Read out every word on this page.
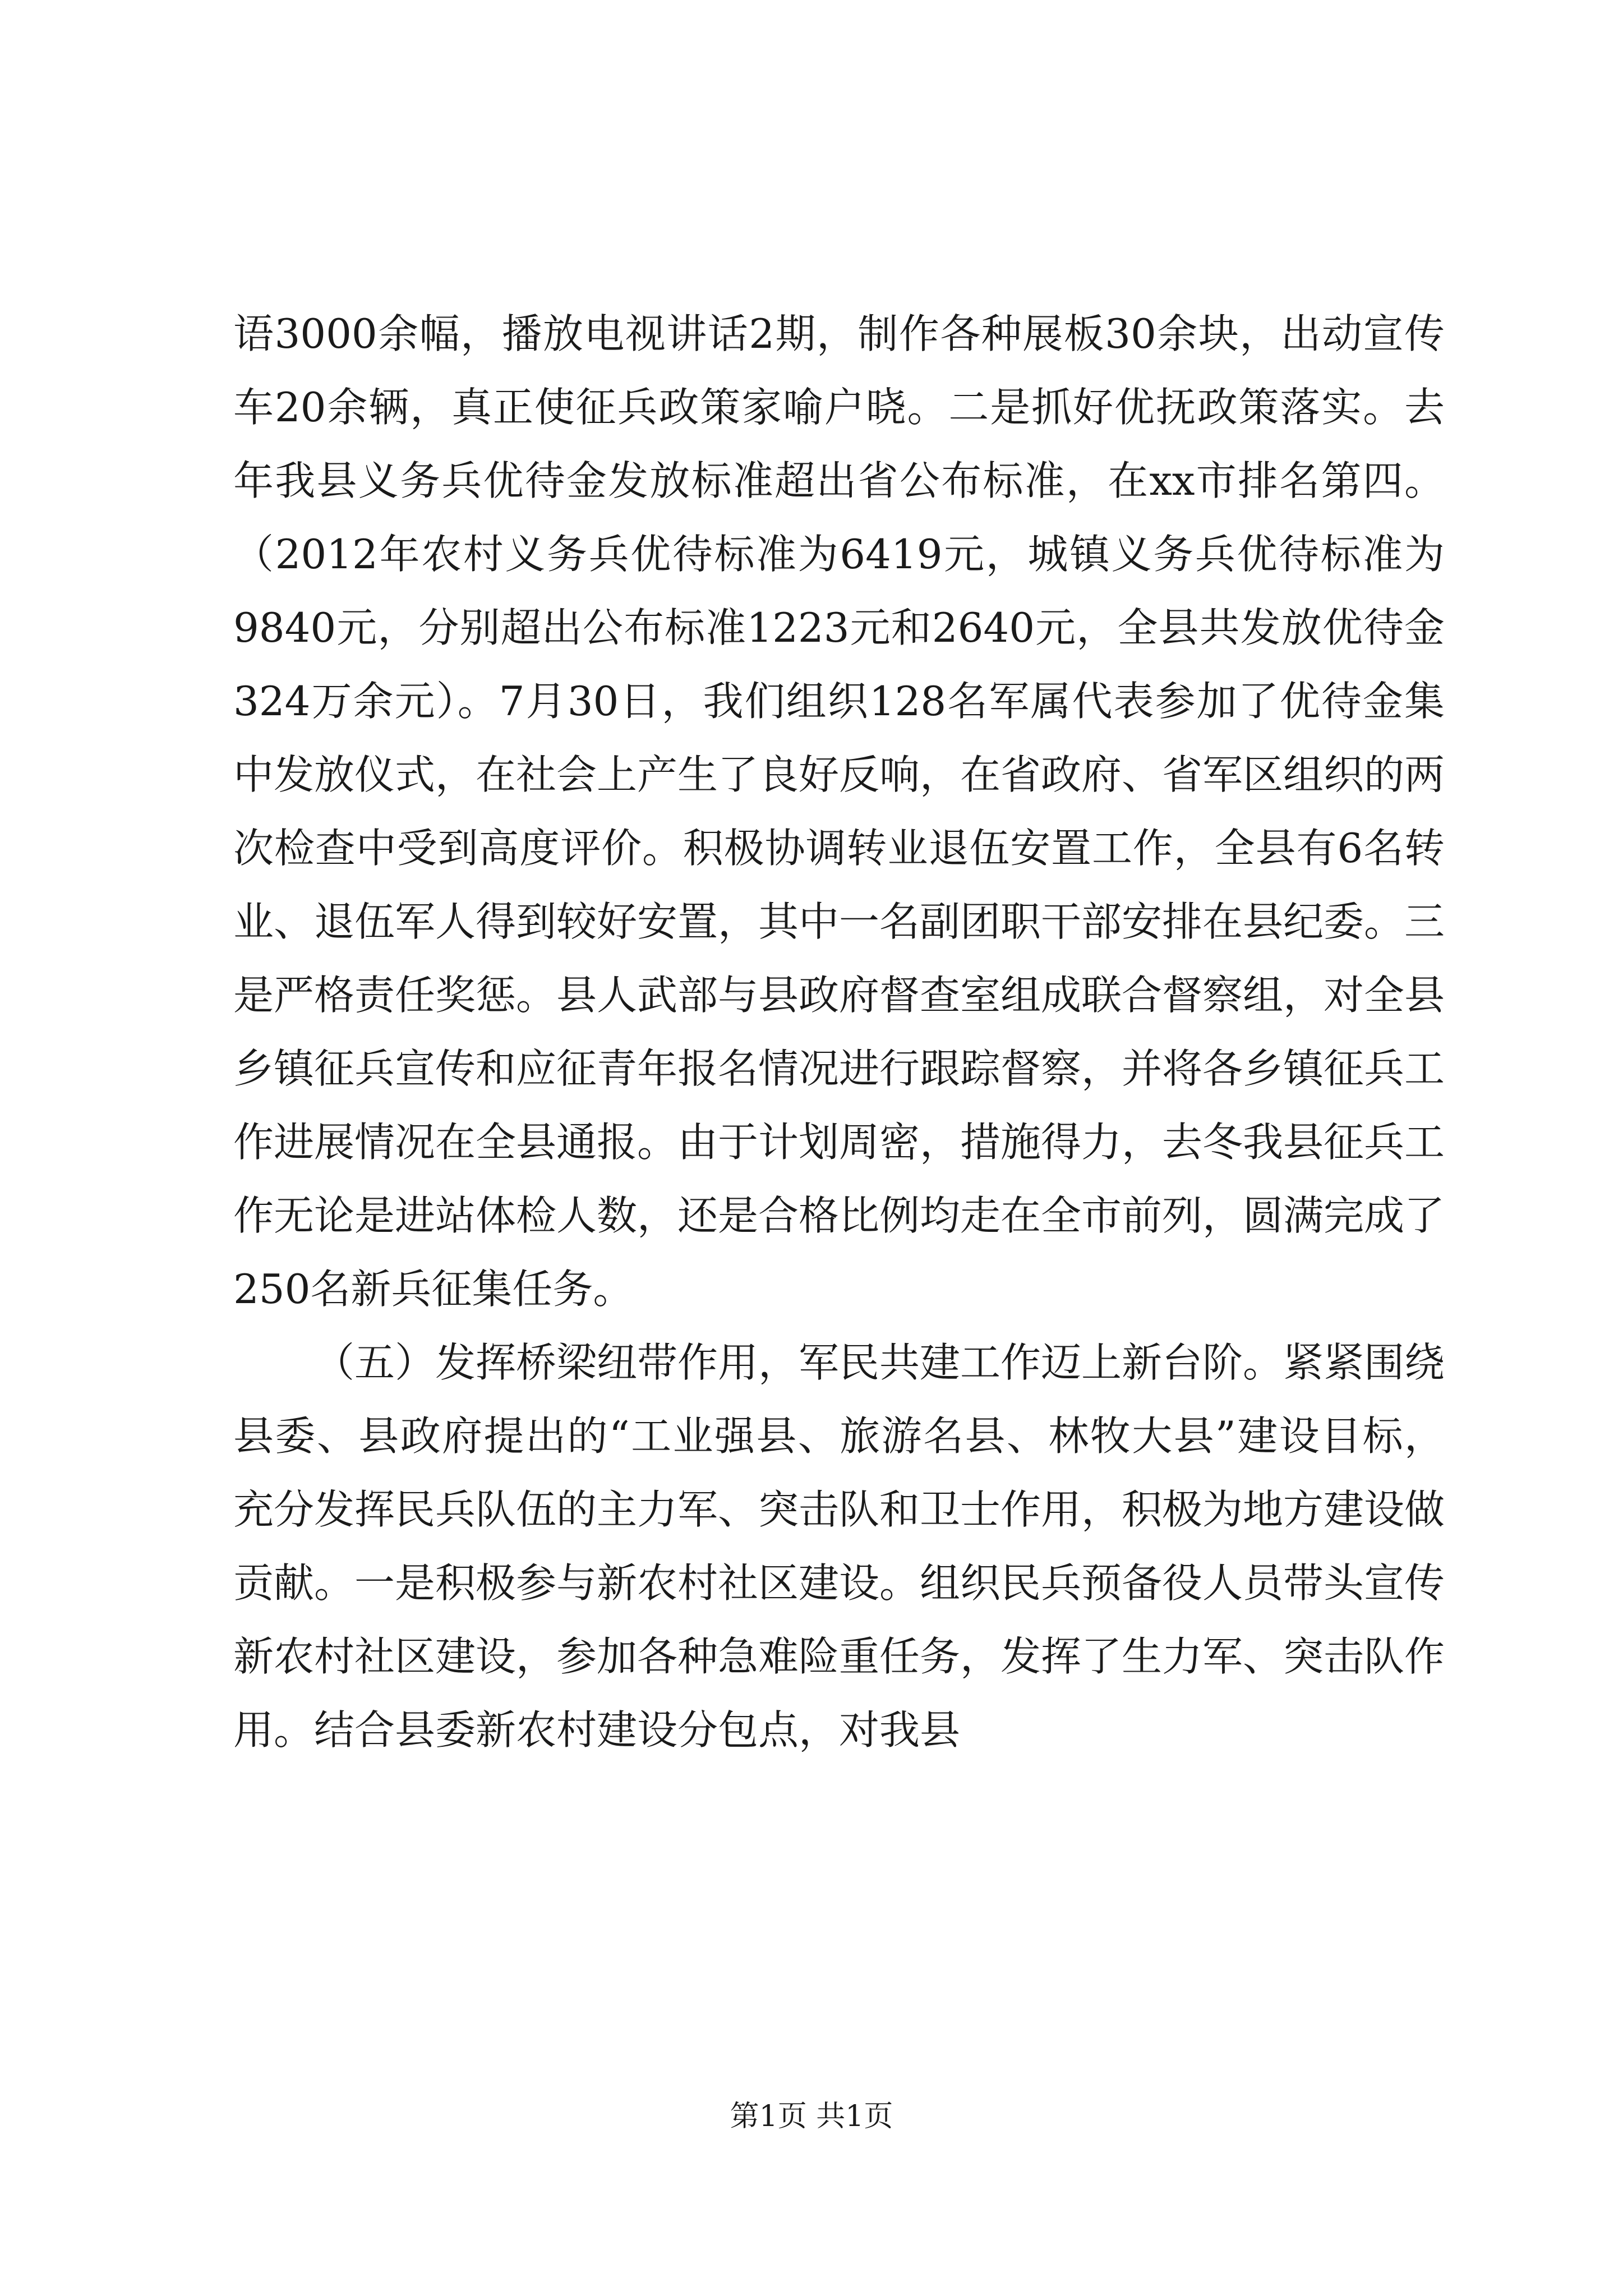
语3000余幅，播放电视讲话2期，制作各种展板30余块，出动宣传车20余辆，真正使征兵政策家喻户晓。二是抓好优抚政策落实。去年我县义务兵优待金发放标准超出省公布标准，在xx市排名第四。（2012年农村义务兵优待标准为6419元，城镇义务兵优待标准为9840元，分别超出公布标准1223元和2640元，全县共发放优待金324万余元）。7月30日，我们组织128名军属代表参加了优待金集中发放仪式，在社会上产生了良好反响，在省政府、省军区组织的两次检查中受到高度评价。积极协调转业退伍安置工作，全县有6名转业、退伍军人得到较好安置，其中一名副团职干部安排在县纪委。三是严格责任奖惩。县人武部与县政府督查室组成联合督察组，对全县乡镇征兵宣传和应征青年报名情况进行跟踪督察，并将各乡镇征兵工作进展情况在全县通报。由于计划周密，措施得力，去冬我县征兵工作无论是进站体检人数，还是合格比例均走在全市前列，圆满完成了250名新兵征集任务。

（五）发挥桥梁纽带作用，军民共建工作迈上新台阶。紧紧围绕县委、县政府提出的“工业强县、旅游名县、林牧大县”建设目标，充分发挥民兵队伍的主力军、突击队和卫士作用，积极为地方建设做贡献。一是积极参与新农村社区建设。组织民兵预备役人员带头宣传新农村社区建设，参加各种急难险重任务，发挥了生力军、突击队作用。结合县委新农村建设分包点，对我县

第1页 共1页
